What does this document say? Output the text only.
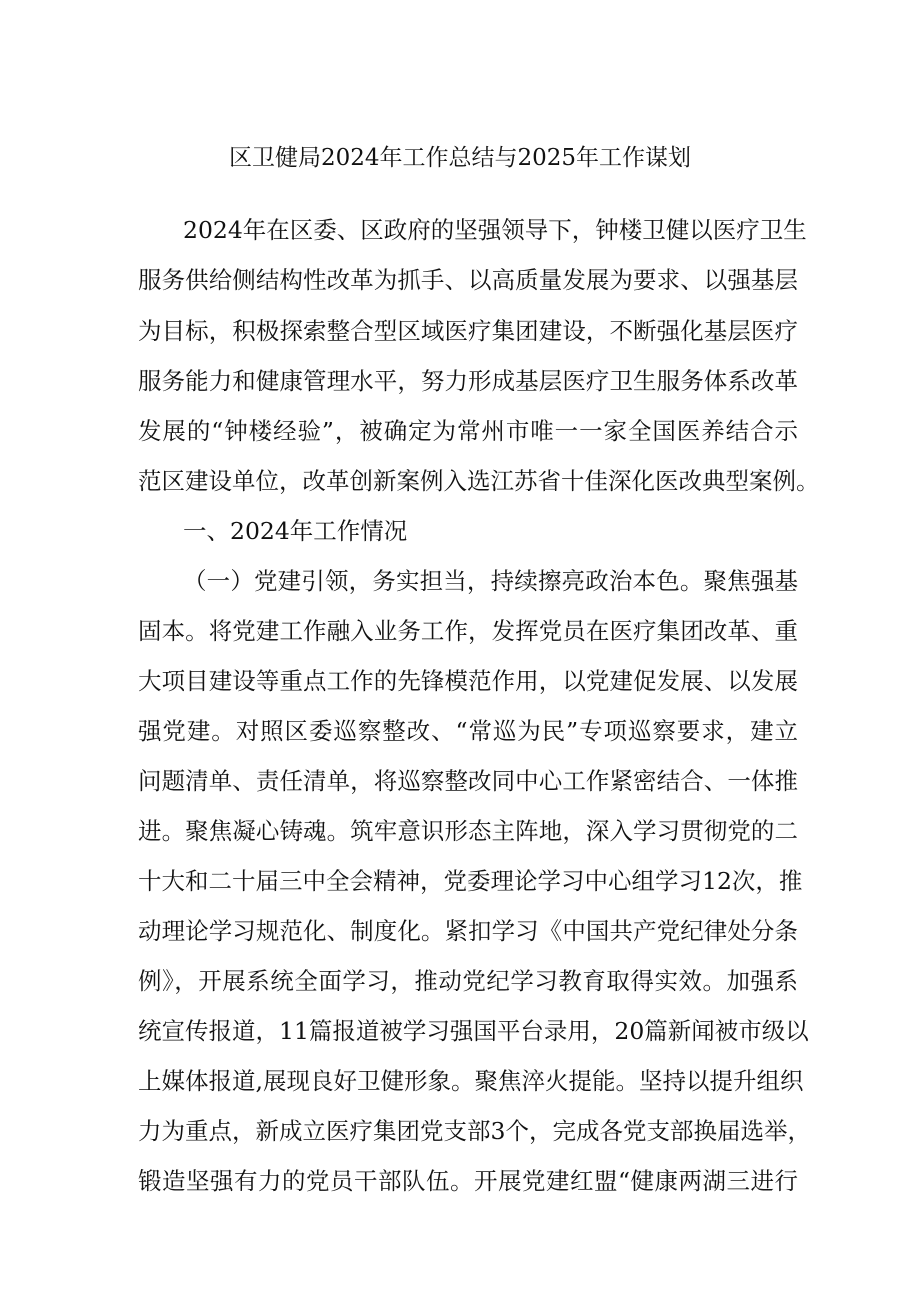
区卫健局2024年工作总结与2025年工作谋划

2024年在区委、区政府的坚强领导下，钟楼卫健以医疗卫生

服务供给侧结构性改革为抓手、以高质量发展为要求、以强基层

为目标，积极探索整合型区域医疗集团建设，不断强化基层医疗

服务能力和健康管理水平，努力形成基层医疗卫生服务体系改革

发展的“钟楼经验”，被确定为常州市唯一一家全国医养结合示

范区建设单位，改革创新案例入选江苏省十佳深化医改典型案例。

一、2024年工作情况

（一）党建引领，务实担当，持续擦亮政治本色。聚焦强基

固本。将党建工作融入业务工作，发挥党员在医疗集团改革、重

大项目建设等重点工作的先锋模范作用，以党建促发展、以发展

强党建。对照区委巡察整改、“常巡为民”专项巡察要求，建立

问题清单、责任清单，将巡察整改同中心工作紧密结合、一体推

进。聚焦凝心铸魂。筑牢意识形态主阵地，深入学习贯彻党的二

十大和二十届三中全会精神，党委理论学习中心组学习12次，推

动理论学习规范化、制度化。紧扣学习《中国共产党纪律处分条

例》，开展系统全面学习，推动党纪学习教育取得实效。加强系

统宣传报道，11篇报道被学习强国平台录用，20篇新闻被市级以

上媒体报道,展现良好卫健形象。聚焦淬火提能。坚持以提升组织

力为重点，新成立医疗集团党支部3个，完成各党支部换届选举，

锻造坚强有力的党员干部队伍。开展党建红盟“健康两湖三进行
